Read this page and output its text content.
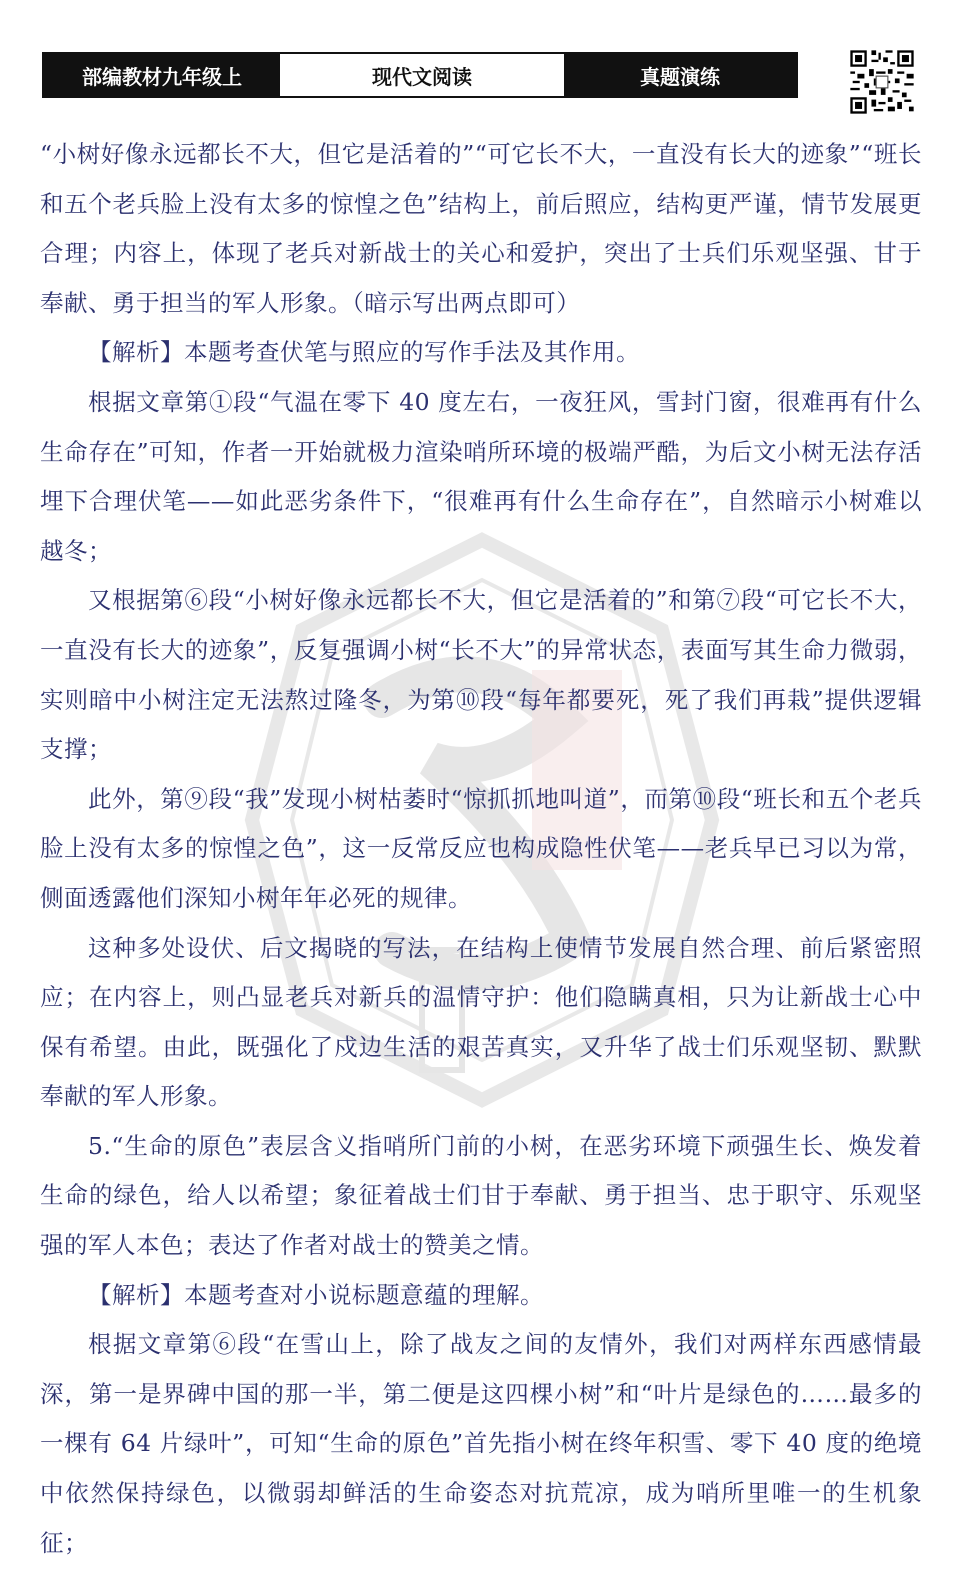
部编教材九年级上	现代文阅读	真题演练

“小树好像永远都长不大，但它是活着的”“可它长不大，一直没有长大的迹象”“班长和五个老兵脸上没有太多的惊惶之色”结构上，前后照应，结构更严谨，情节发展更合理；内容上，体现了老兵对新战士的关心和爱护，突出了士兵们乐观坚强、甘于奉献、勇于担当的军人形象。（暗示写出两点即可）

【解析】本题考查伏笔与照应的写作手法及其作用。

根据文章第①段“气温在零下 40 度左右，一夜狂风，雪封门窗，很难再有什么生命存在”可知，作者一开始就极力渲染哨所环境的极端严酷，为后文小树无法存活埋下合理伏笔——如此恶劣条件下，“很难再有什么生命存在”，自然暗示小树难以越冬；

又根据第⑥段“小树好像永远都长不大，但它是活着的”和第⑦段“可它长不大，一直没有长大的迹象”，反复强调小树“长不大”的异常状态，表面写其生命力微弱，实则暗中小树注定无法熬过隆冬，为第⑩段“每年都要死，死了我们再栽”提供逻辑支撑；

此外，第⑨段“我”发现小树枯萎时“惊抓抓地叫道”，而第⑩段“班长和五个老兵脸上没有太多的惊惶之色”，这一反常反应也构成隐性伏笔——老兵早已习以为常，侧面透露他们深知小树年年必死的规律。

这种多处设伏、后文揭晓的写法，在结构上使情节发展自然合理、前后紧密照应；在内容上，则凸显老兵对新兵的温情守护：他们隐瞒真相，只为让新战士心中保有希望。由此，既强化了戍边生活的艰苦真实，又升华了战士们乐观坚韧、默默奉献的军人形象。

5.“生命的原色”表层含义指哨所门前的小树，在恶劣环境下顽强生长、焕发着生命的绿色，给人以希望；象征着战士们甘于奉献、勇于担当、忠于职守、乐观坚强的军人本色；表达了作者对战士的赞美之情。

【解析】本题考查对小说标题意蕴的理解。

根据文章第⑥段“在雪山上，除了战友之间的友情外，我们对两样东西感情最深，第一是界碑中国的那一半，第二便是这四棵小树”和“叶片是绿色的……最多的一棵有 64 片绿叶”，可知“生命的原色”首先指小树在终年积雪、零下 40 度的绝境中依然保持绿色，以微弱却鲜活的生命姿态对抗荒凉，成为哨所里唯一的生机象征；
